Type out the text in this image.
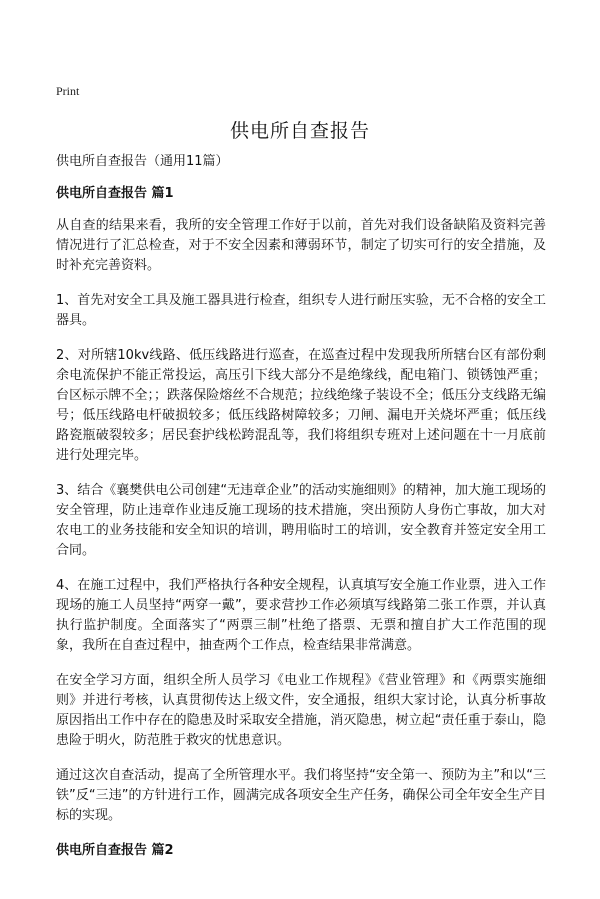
Print
供电所自查报告

供电所自查报告（通用11篇）

供电所自查报告 篇1

从自查的结果来看，我所的安全管理工作好于以前，首先对我们设备缺陷及资料完善情况进行了汇总检查，对于不安全因素和薄弱环节，制定了切实可行的安全措施，及时补充完善资料。

1、首先对安全工具及施工器具进行检查，组织专人进行耐压实验，无不合格的安全工器具。

2、对所辖10kv线路、低压线路进行巡查，在巡查过程中发现我所所辖台区有部份剩余电流保护不能正常投运，高压引下线大部分不是绝缘线，配电箱门、锁锈蚀严重；台区标示牌不全；；跌落保险熔丝不合规范；拉线绝缘子装设不全；低压分支线路无编号；低压线路电杆破损较多；低压线路树障较多；刀闸、漏电开关烧坏严重；低压线路瓷瓶破裂较多；居民套护线松跨混乱等，我们将组织专班对上述问题在十一月底前进行处理完毕。

3、结合《襄樊供电公司创建“无违章企业”的活动实施细则》的精神，加大施工现场的安全管理，防止违章作业违反施工现场的技术措施，突出预防人身伤亡事故，加大对农电工的业务技能和安全知识的培训，聘用临时工的培训，安全教育并签定安全用工合同。

4、在施工过程中，我们严格执行各种安全规程，认真填写安全施工作业票，进入工作现场的施工人员坚持“两穿一戴”，要求营抄工作必须填写线路第二张工作票，并认真执行监护制度。全面落实了“两票三制”杜绝了搭票、无票和擅自扩大工作范围的现象，我所在自查过程中，抽查两个工作点，检查结果非常满意。

在安全学习方面，组织全所人员学习《电业工作规程》《营业管理》和《两票实施细则》并进行考核，认真贯彻传达上级文件，安全通报，组织大家讨论，认真分析事故原因指出工作中存在的隐患及时采取安全措施，消灭隐患，树立起“责任重于泰山，隐患险于明火，防范胜于救灾的忧患意识。

通过这次自查活动，提高了全所管理水平。我们将坚持“安全第一、预防为主”和以“三铁”反“三违”的方针进行工作，圆满完成各项安全生产任务，确保公司全年安全生产目标的实现。

供电所自查报告 篇2
